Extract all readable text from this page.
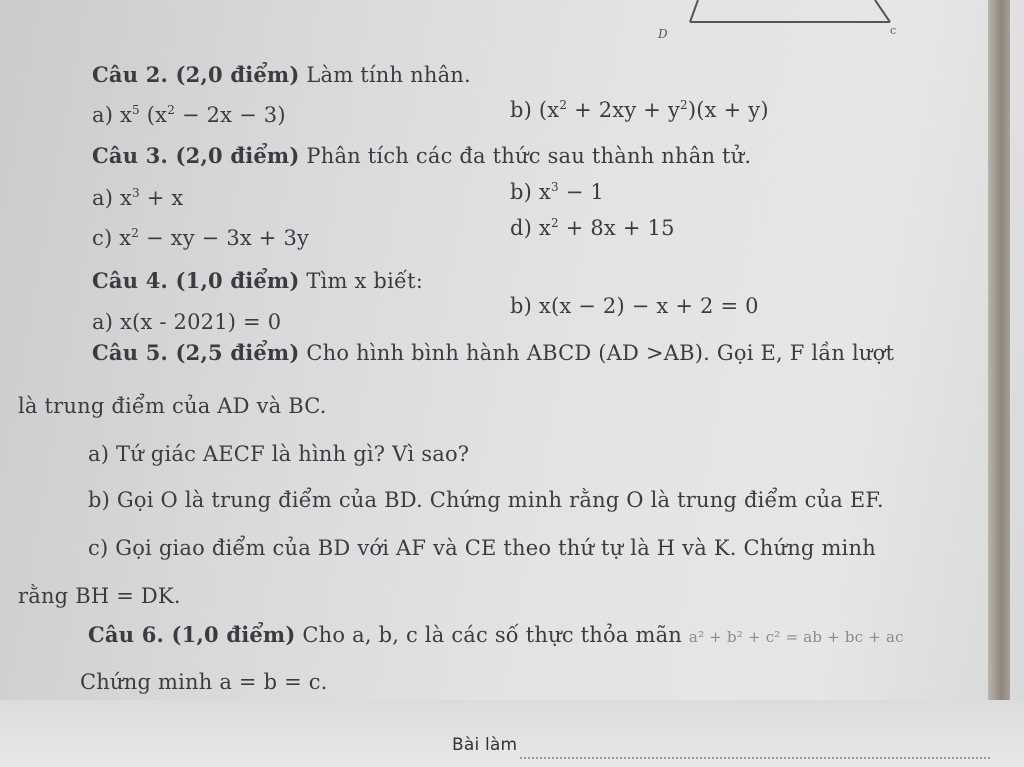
D	c
Câu 2. (2,0 điểm) Làm tính nhân.
a) $x^5$ $(x^2 - 2x - 3)$	b) $(x^2 + 2xy + y^2)(x + y)$
Câu 3. (2,0 điểm) Phân tích các đa thức sau thành nhân tử.
a) $x^3 + x$	b) $x^3 - 1$
c) $x^2$ − xy − 3x + 3y	d) $x^2 + 8x + 15$
Câu 4. (1,0 điểm) Tìm x biết:
a) x(x - 2021) = 0
b) x(x − 2) − x + 2 = 0
Câu 5. (2,5 điểm) Cho hình bình hành ABCD (AD >AB). Gọi E, F lần lượt
là trung điểm của AD và BC.
a) Tứ giác AECF là hình gì? Vì sao?
b) Gọi O là trung điểm của BD. Chứng minh rằng O là trung điểm của EF.
c) Gọi giao điểm của BD với AF và CE theo thứ tự là H và K. Chứng minh
rằng BH = DK.
Câu 6. (1,0 điểm) Cho a, b, c là các số thực thỏa mãn a² + b² + c² = ab + bc + ac
Chứng minh a = b = c.
Bài làm
